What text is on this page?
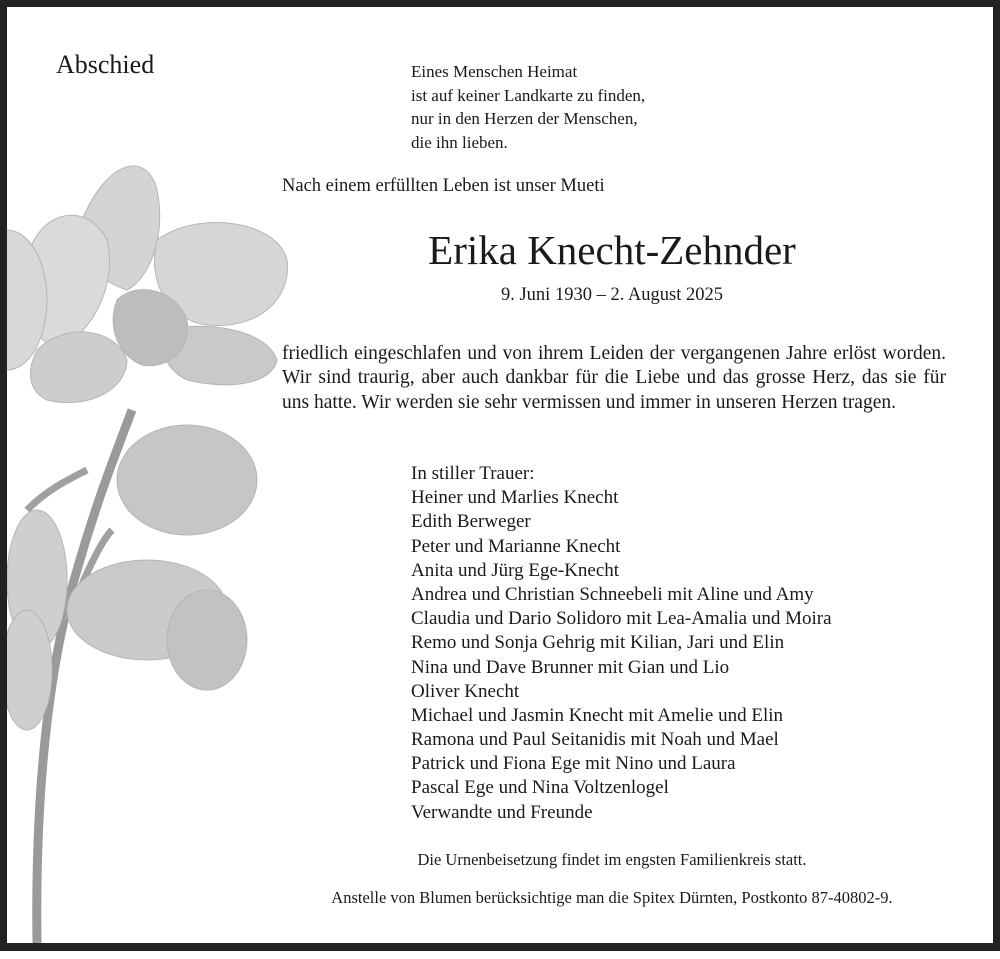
Abschied	Eines Menschen Heimat
ist auf keiner Landkarte zu finden,
nur in den Herzen der Menschen,
die ihn lieben.
Nach einem erfüllten Leben ist unser Mueti
Erika Knecht-Zehnder
9. Juni 1930 – 2. August 2025
friedlich eingeschlafen und von ihrem Leiden der vergangenen Jahre erlöst worden. Wir sind traurig, aber auch dankbar für die Liebe und das grosse Herz, das sie für uns hatte. Wir werden sie sehr vermissen und immer in unseren Herzen tragen.
In stiller Trauer:
Heiner und Marlies Knecht
Edith Berweger
Peter und Marianne Knecht
Anita und Jürg Ege-Knecht
Andrea und Christian Schneebeli mit Aline und Amy
Claudia und Dario Solidoro mit Lea-Amalia und Moira
Remo und Sonja Gehrig mit Kilian, Jari und Elin
Nina und Dave Brunner mit Gian und Lio
Oliver Knecht
Michael und Jasmin Knecht mit Amelie und Elin
Ramona und Paul Seitanidis mit Noah und Mael
Patrick und Fiona Ege mit Nino und Laura
Pascal Ege und Nina Voltzenlogel
Verwandte und Freunde
Die Urnenbeisetzung findet im engsten Familienkreis statt.
Anstelle von Blumen berücksichtige man die Spitex Dürnten, Postkonto 87-40802-9.
